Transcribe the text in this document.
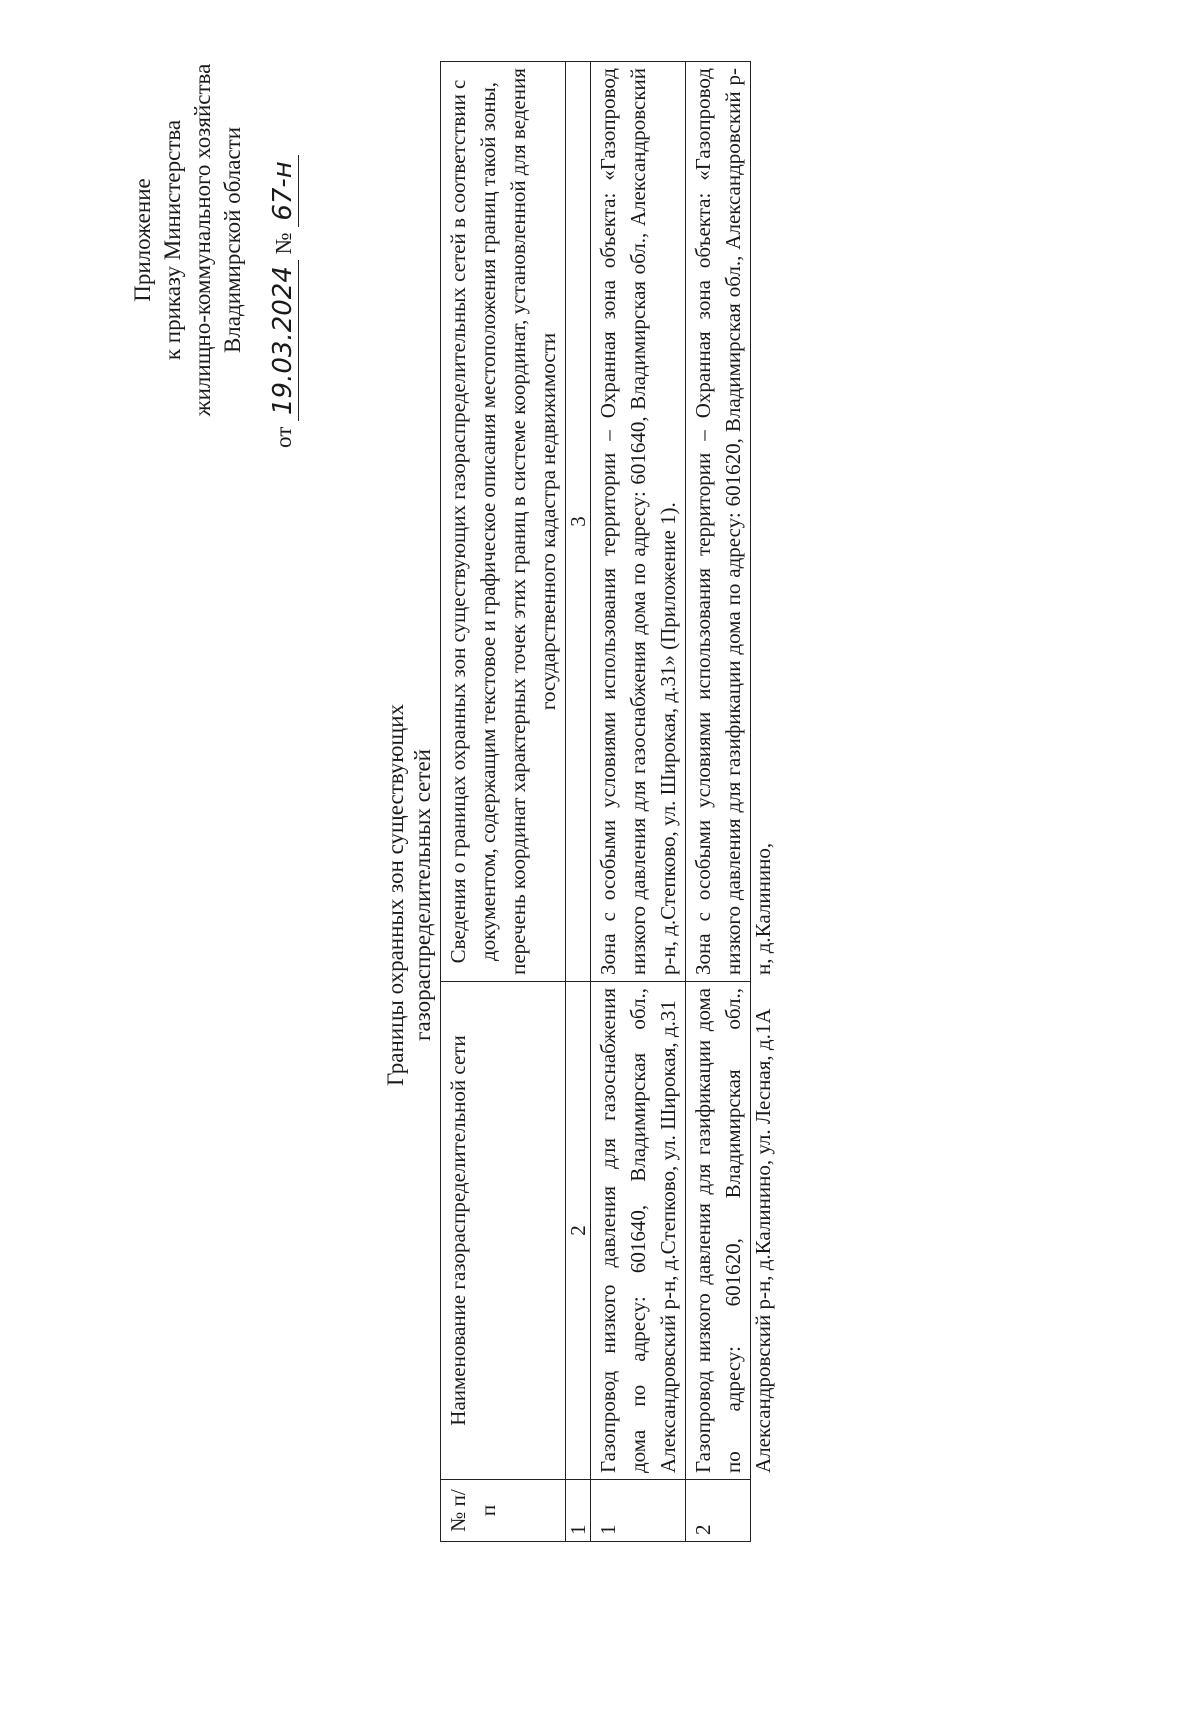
Приложение к приказу Министерства жилищно-коммунального хозяйства Владимирской области
от 19.03.2024 № 67-н
Границы охранных зон существующих газораспределительных сетей
№ п/п	Наименование газораспределительной сети	Сведения о границах охранных зон существующих газораспределительных сетей в соответствии с документом, содержащим текстовое и графическое описания местоположения границ такой зоны, перечень координат характерных точек этих границ в системе координат, установленной для ведения государственного кадастра недвижимости
1	2	3
1	Газопровод низкого давления для газоснабжения дома по адресу: 601640, Владимирская обл., Александровский р-н, д.Степково, ул. Широкая, д.31	Зона с особыми условиями использования территории – Охранная зона объекта: «Газопровод низкого давления для газоснабжения дома по адресу: 601640, Владимирская обл., Александровский р-н, д.Степково, ул. Широкая, д.31» (Приложение 1).
2	Газопровод низкого давления для газификации дома по адресу: 601620, Владимирская обл., Александровский р-н, д.Калинино, ул. Лесная, д.1А	Зона с особыми условиями использования территории – Охранная зона объекта: «Газопровод низкого давления для газификации дома по адресу: 601620, Владимирская обл., Александровский р-н, д.Калинино,
